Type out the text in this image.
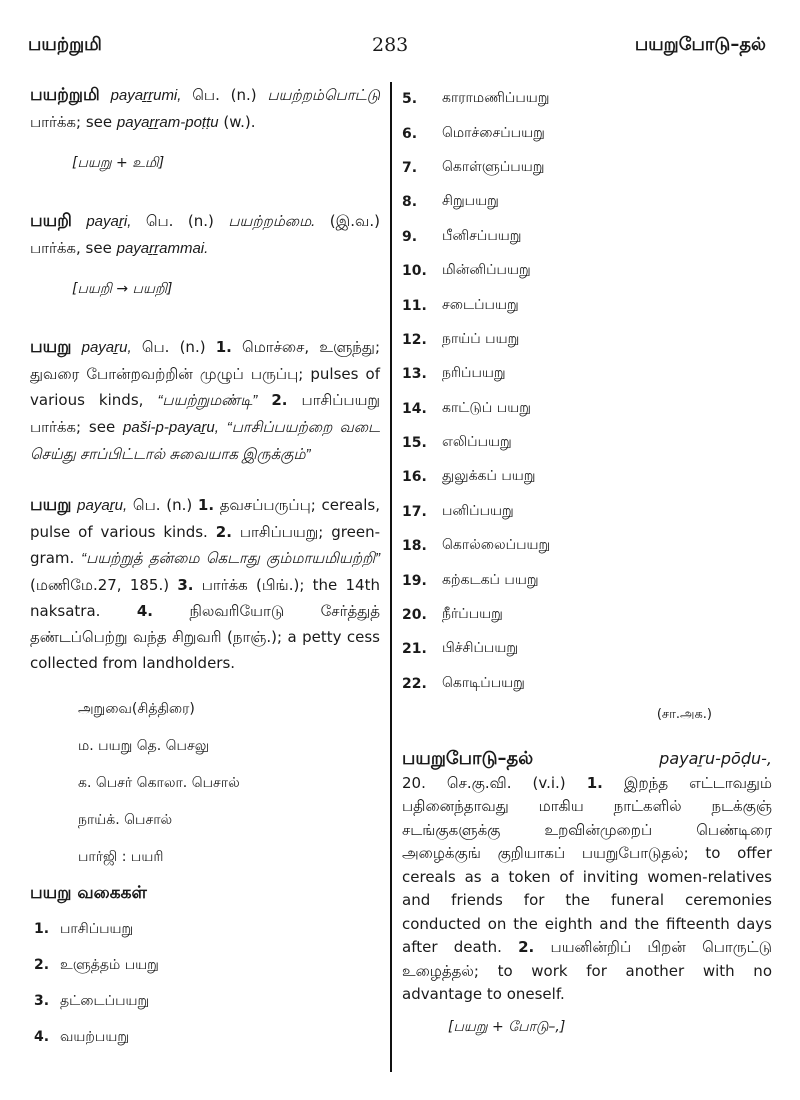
பயற்றுமி	283	பயறுபோடு–தல்

பயற்றுமி payaṟṟumi, பெ. (n.) பயற்றம்பொட்டு பார்க்க; see payaṟṟam-poṭṭu (w.).

[பயறு + உமி]

பயறி payaṟi, பெ. (n.) பயற்றம்மை. (இ.வ.) பார்க்க, see payaṟṟammai.

[பயறி → பயறி]

பயறு payaṟu, பெ. (n.) 1. மொச்சை, உளுந்து; துவரை போன்றவற்றின் முழுப் பருப்பு; pulses of various kinds, “பயற்றுமண்டி” 2. பாசிப்பயறு பார்க்க; see paši-p-payaṟu, “பாசிப்பயற்றை வடை செய்து சாப்பிட்டால் சுவையாக இருக்கும்”

பயறு payaṟu, பெ. (n.) 1. தவசப்பருப்பு; cereals, pulse of various kinds. 2. பாசிப்பயறு; green-gram. “பயற்றுத் தன்மை கெடாது கும்மாயமியற்றி” (மணிமே.27, 185.) 3. பார்க்க (பிங்.); the 14th naksatra. 4. நிலவரியோடு சேர்த்துத் தண்டப்பெற்று வந்த சிறுவரி (நாஞ்.); a petty cess collected from landholders.

அறுவை(சித்திரை)
ம. பயறு தெ. பெசலு
க. பெசர் கொலா. பெசால்
நாய்க். பெசால்
பார்ஜி : பயரி
பயறு வகைகள்
1. பாசிப்பயறு
2. உளுத்தம் பயறு
3. தட்டைப்பயறு
4. வயற்பயறு
5.	காராமணிப்பயறு
6.	மொச்சைப்பயறு
7.	கொள்ளுப்பயறு
8.	சிறுபயறு
9.	பீனிசப்பயறு
10.	மின்னிப்பயறு
11.	சடைப்பயறு
12.	நாய்ப் பயறு
13.	நரிப்பயறு
14.	காட்டுப் பயறு
15.	எலிப்பயறு
16.	துலுக்கப் பயறு
17.	பனிப்பயறு
18.	கொல்லைப்பயறு
19.	கற்கடகப் பயறு
20.	நீர்ப்பயறு
21.	பிச்சிப்பயறு
22.	கொடிப்பயறு
(சா.அக.)
பயறுபோடு–தல்	payaṟu-pōḍu-,
20. செ.கு.வி. (v.i.) 1. இறந்த எட்டாவதும் பதினைந்தாவது மாகிய நாட்களில் நடக்குஞ் சடங்குகளுக்கு உறவின்முறைப் பெண்டிரை அழைக்குங் குறியாகப் பயறுபோடுதல்; to offer cereals as a token of inviting women-relatives and friends for the funeral ceremonies conducted on the eighth and the fifteenth days after death. 2. பயனின்றிப் பிறன் பொருட்டு உழைத்தல்; to work for another with no advantage to oneself.
[பயறு + போடு–,]
